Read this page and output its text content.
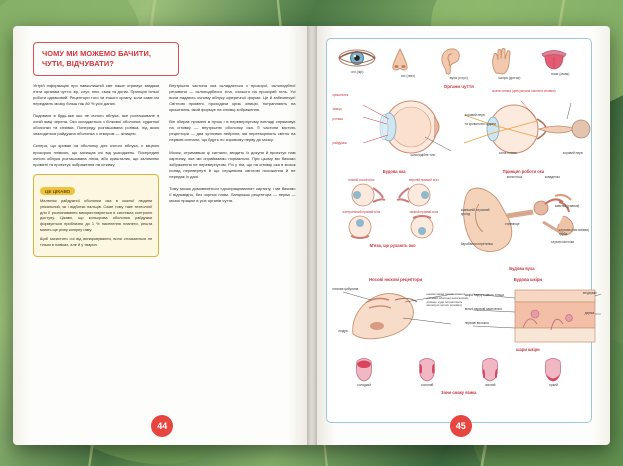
ЧОМУ МИ МОЖЕМО БАЧИТИ, ЧУТИ, ВІДЧУВАТИ?

Устрій інформацію про навколишній світ наше отримує завдяки п'яти органам чуття: зір, слух, нюх, смак та дотик. Принцип їхньої роботи однаковий. Рецептори того чи іншого органу, коли саме очі передають мозку більш ніж 80 % усіх даних.

Подивися в будь-яке око не очного яблука, яке розташоване в очній ямці черепа. Око складається з білкової оболонки, судинної оболонки та сітківки. Попереду розташована рогівка, під якою знаходиться райдужна оболонка з отвором — зіницею.

Склера, що криває на оболонку для очного яблука, є міцною прозорою плівкою, що захищає очі від ушкоджень. Посередині очного яблука розташована лінза, або кришталик, що заломлює промені та проєктує зображення на сітківку.

ЦЕ ЦІКАВО

Малюнок райдужної оболонки ока в кожної людини унікальний, як і відбитки пальців. Саме тому таке технології для її розпізнавання використовуються в системах контролю доступу. Цікаво, що кольорова оболонка райдужки формується приблизно до 1 % населення планети, решта мають ще різну колірну гаму.

Щоб захистити очі від випаровування, вони стискаються не тільки в повіках, але й у тварин.

Внутрішня частина ока складається з прозорої, склоподібної речовини — склоподібного тіла, схожого на прозорий гель. Усі вони надають очному яблуку сферичної форми. Це й забезпечує! Світлові промені, проходячи крізь зіницю, потрапляють на кришталик, який формує на сітківці зображення.

Він збирає промені в пучок і в перевернутому вигляді спрямовує на сітківку — внутрішню оболонку ока. Її частини містять рецептори — два чутливих нейрони, які перетворюють світло на нервові сигнали, що йдуть по зоровому нерву до мозку.

Мозок, отримавши ці сигнали, зводить їх докупи й проєктує нам картинку, яке ми сприймаємо нормально. При цьому ми бачимо зображення не перевернутим. Річ у тім, що на сітківці ока в мозок понад перевернуті й що серцевина світлові положення й не передає їх далі.

Тому мозок домовляється «доопрацювання» картину, і ми бачимо її відповідно, без чорних плям. Ланцюжок рецептора — нерва — мозок працює в усіх органів чуття.

44
очі (зір)
ніс (нюх)	вуха (слух)	шкіра (дотик)
язик (смак)
Органи чуття
кришталик
зіниця
рогівка
райдужка
склоподібне тіло
жовта пляма (центральна частина сітківки)
зоровий нерв
та кровоносні судини
сліпа пляма	зоровий нерв
Будова ока	Принцип роботи ока
нижній косий м'яз	верхній прямий м'яз
латеральний прямий м'яз	нижній прямий м'яз
М'язи, що рухають око
молоточок	коваделко
стремінце
завитка (равлик)
слухова (євстахієва) труба
барабанна перетинка
зовнішній слуховий прохід
слухові кісточки
Будова вуха
Носові нюхові рецептори
нюхова цибулина
нюхові нерви (розташовані в слизовій оболонці носа верхніх ділянок, куди потрапляють молекули летких речовин)
ніздря
Будова шкіри
шкіра надчутливого тільця
вільні нервові закінчення
нервові волокна
епідерміс
дерма
шари шкіри
солодкий	солоний	кислий	гіркий
Зони смаку язика
45
